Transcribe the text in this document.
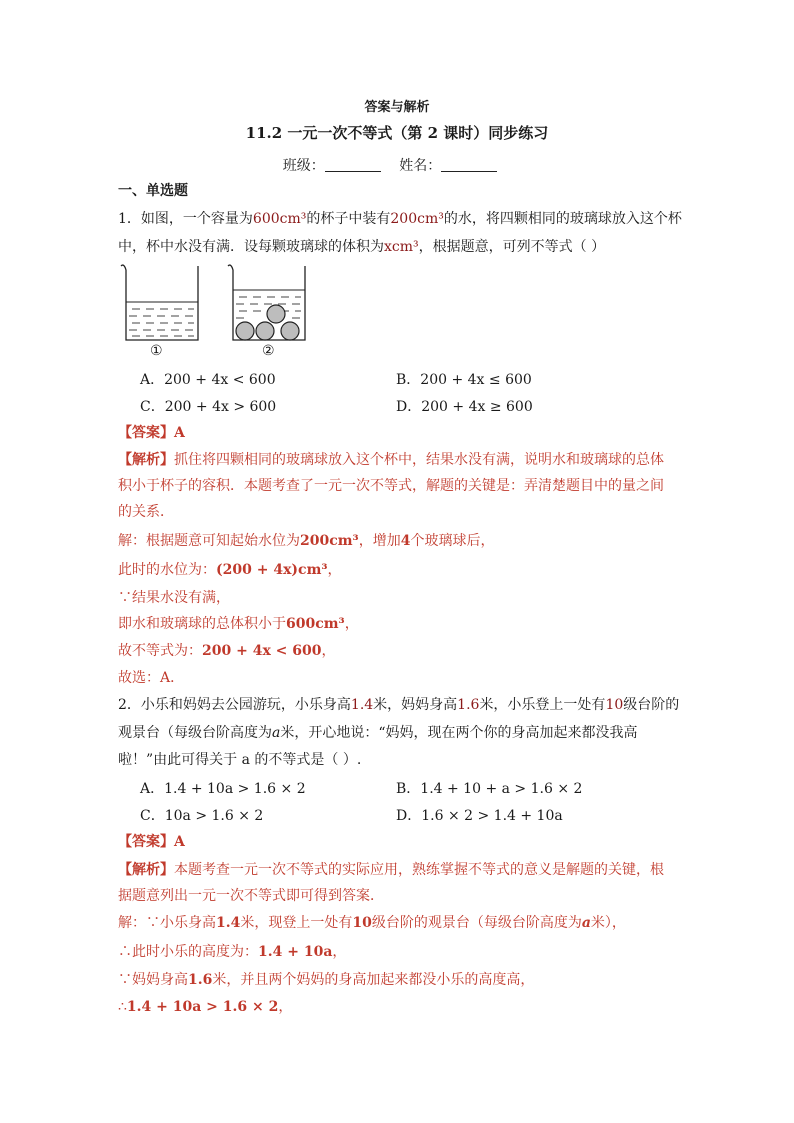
答案与解析
11.2 一元一次不等式（第 2 课时）同步练习
班级：	姓名：
一、单选题
1．如图，一个容量为600cm³的杯子中装有200cm³的水，将四颗相同的玻璃球放入这个杯
中，杯中水没有满．设每颗玻璃球的体积为xcm³，根据题意，可列不等式（ ）
①	②
A．200 + 4x < 600	B．200 + 4x ≤ 600
C．200 + 4x > 600	D．200 + 4x ≥ 600
【答案】A
【解析】抓住将四颗相同的玻璃球放入这个杯中，结果水没有满，说明水和玻璃球的总体
积小于杯子的容积．本题考查了一元一次不等式，解题的关键是：弄清楚题目中的量之间
的关系．
解：根据题意可知起始水位为200cm³，增加4个玻璃球后，
此时的水位为：(200 + 4x)cm³，
∵结果水没有满，
即水和玻璃球的总体积小于600cm³，
故不等式为：200 + 4x < 600，
故选：A．
2．小乐和妈妈去公园游玩，小乐身高1.4米，妈妈身高1.6米，小乐登上一处有10级台阶的
观景台（每级台阶高度为a米，开心地说：“妈妈，现在两个你的身高加起来都没我高
啦！”由此可得关于 a 的不等式是（ ）.
A．1.4 + 10a > 1.6 × 2	B．1.4 + 10 + a > 1.6 × 2
C．10a > 1.6 × 2	D．1.6 × 2 > 1.4 + 10a
【答案】A
【解析】本题考查一元一次不等式的实际应用，熟练掌握不等式的意义是解题的关键，根
据题意列出一元一次不等式即可得到答案．
解：∵小乐身高1.4米，现登上一处有10级台阶的观景台（每级台阶高度为a米），
∴此时小乐的高度为：1.4 + 10a，
∵妈妈身高1.6米，并且两个妈妈的身高加起来都没小乐的高度高，
∴1.4 + 10a > 1.6 × 2，
